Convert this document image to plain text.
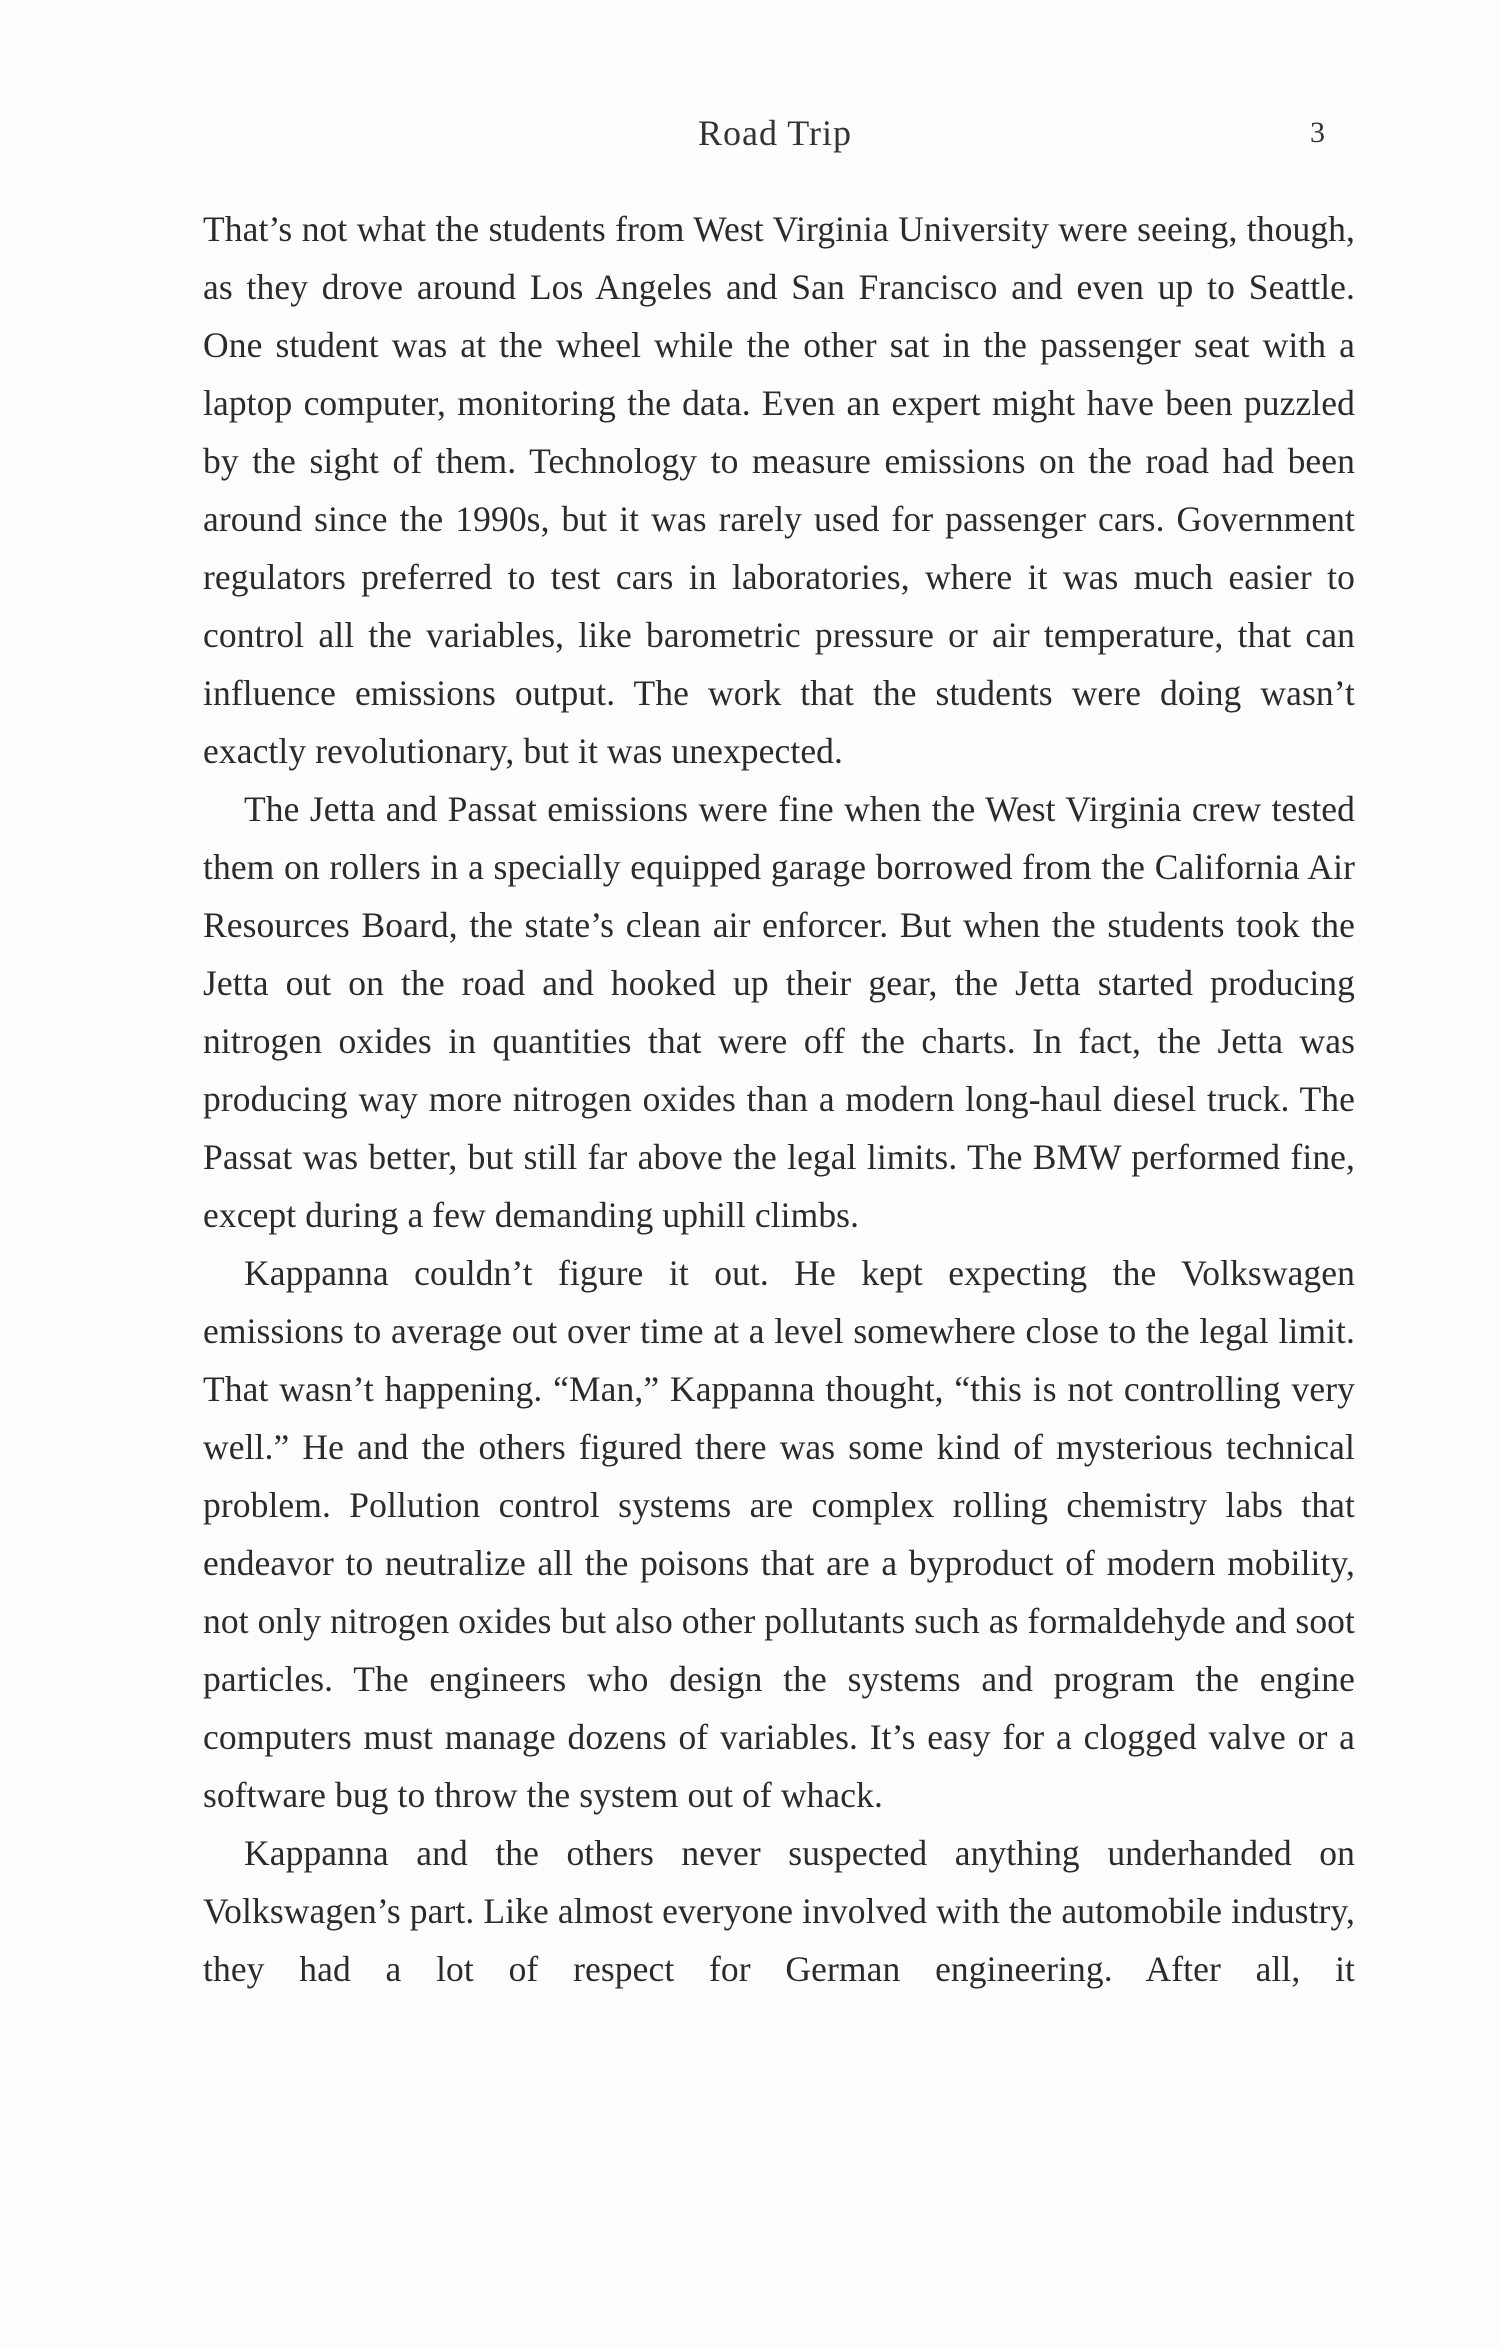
Road Trip	3

That’s not what the students from West Virginia University were seeing, though, as they drove around Los Angeles and San Francisco and even up to Seattle. One student was at the wheel while the other sat in the passenger seat with a laptop computer, monitoring the data. Even an expert might have been puzzled by the sight of them. Technology to measure emissions on the road had been around since the 1990s, but it was rarely used for passenger cars. Government regulators preferred to test cars in laboratories, where it was much easier to control all the variables, like barometric pressure or air temperature, that can influence emissions output. The work that the students were doing wasn’t exactly revolutionary, but it was unexpected.

The Jetta and Passat emissions were fine when the West Virginia crew tested them on rollers in a specially equipped garage borrowed from the California Air Resources Board, the state’s clean air enforcer. But when the students took the Jetta out on the road and hooked up their gear, the Jetta started producing nitrogen oxides in quantities that were off the charts. In fact, the Jetta was producing way more nitrogen oxides than a modern long-haul diesel truck. The Passat was better, but still far above the legal limits. The BMW performed fine, except during a few demanding uphill climbs.

Kappanna couldn’t figure it out. He kept expecting the Volkswagen emissions to average out over time at a level somewhere close to the legal limit. That wasn’t happening. “Man,” Kappanna thought, “this is not controlling very well.” He and the others figured there was some kind of mysterious technical problem. Pollution control systems are complex rolling chemistry labs that endeavor to neutralize all the poisons that are a byproduct of modern mobility, not only nitrogen oxides but also other pollutants such as formaldehyde and soot particles. The engineers who design the systems and program the engine computers must manage dozens of variables. It’s easy for a clogged valve or a software bug to throw the system out of whack.

Kappanna and the others never suspected anything underhanded on Volkswagen’s part. Like almost everyone involved with the automobile industry, they had a lot of respect for German engineering. After all, it
